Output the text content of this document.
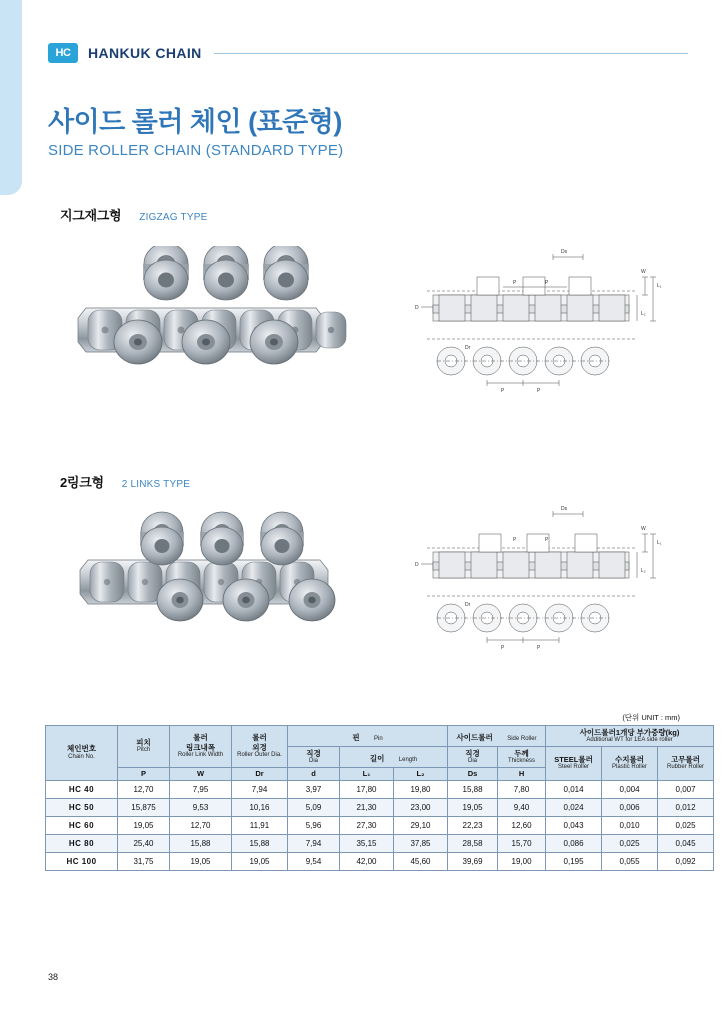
HC HANKUK CHAIN
사이드 롤러 체인 (표준형)
SIDE ROLLER CHAIN (STANDARD TYPE)
지그재그형 ZIGZAG TYPE
Ds
P	P
D
W
L₁
L₂
P	P
Dr
2링크형 2 LINKS TYPE
Ds
P	P
D
W
L₁
L₂
P	P
Dr
(단위 UNIT : mm)
체인번호
Chain No.	피치
Pitch	롤러
링크내폭
Roller Link Width	롤러
외경
Roller Outer Dia.	핀 Pin			사이드롤러 Side Roller		사이드롤러1개당 부가중량(kg)
Additional WT for 1EA side roller		

				직경
Dia	길이 Length		직경
Dia	두께
Thickness	STEEL롤러
Steel Roller	수지롤러
Plastic Roller	고무롤러
Rubber Roller

	P	W	Dr	d	L₁	L₂	Ds	H			

HC 40	12,70	7,95	7,94	3,97	17,80	19,80	15,88	7,80	0,014	0,004	0,007
HC 50	15,875	9,53	10,16	5,09	21,30	23,00	19,05	9,40	0,024	0,006	0,012
HC 60	19,05	12,70	11,91	5,96	27,30	29,10	22,23	12,60	0,043	0,010	0,025
HC 80	25,40	15,88	15,88	7,94	35,15	37,85	28,58	15,70	0,086	0,025	0,045
HC 100	31,75	19,05	19,05	9,54	42,00	45,60	39,69	19,00	0,195	0,055	0,092
38
